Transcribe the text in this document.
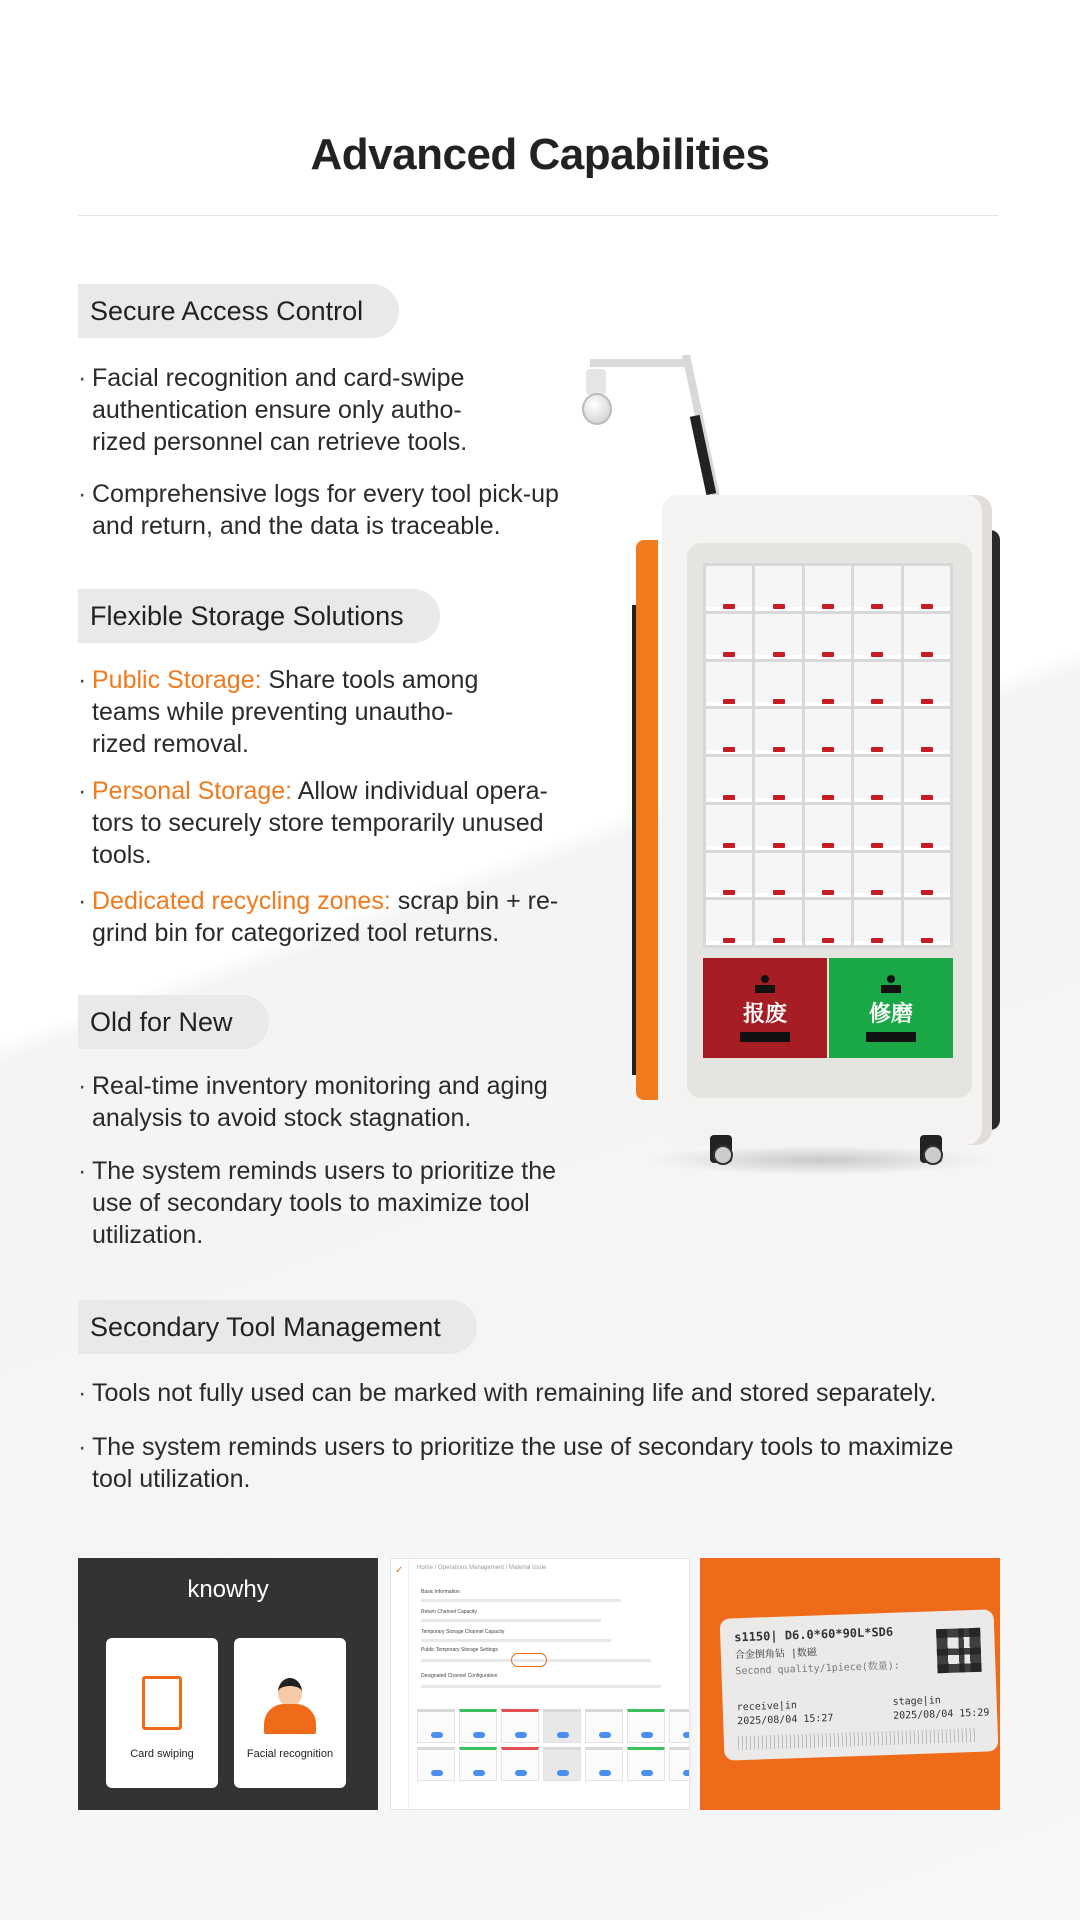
Advanced Capabilities
Secure Access Control
· Facial recognition and card-swipe
authentication ensure only autho-
rized personnel can retrieve tools.
· Comprehensive logs for every tool pick-up
and return, and the data is traceable.
Flexible Storage Solutions
· Public Storage: Share tools among
teams while preventing unautho-
rized removal.
· Personal Storage: Allow individual opera-
tors to securely store temporarily unused
tools.
· Dedicated recycling zones: scrap bin + re-
grind bin for categorized tool returns.
Old for New
· Real-time inventory monitoring and aging
analysis to avoid stock stagnation.
· The system reminds users to prioritize the
use of secondary tools to maximize tool
utilization.
Secondary Tool Management
· Tools not fully used can be marked with remaining life and stored separately.
· The system reminds users to prioritize the use of secondary tools to maximize
tool utilization.
报废	修磨
knowhy
Card swiping	Facial recognition
✓ Home / Operations Management / Material Issue
Basic Information
Return Channel Capacity
Temporary Storage Channel Capacity
Public Temporary Storage Settings
Designated Channel Configuration
s1150| D6.0*60*90L*SD6
合金倒角钻 |数磁
Second quality/1piece(数量):
receive|in
2025/08/04 15:27
stage|in
2025/08/04 15:29
